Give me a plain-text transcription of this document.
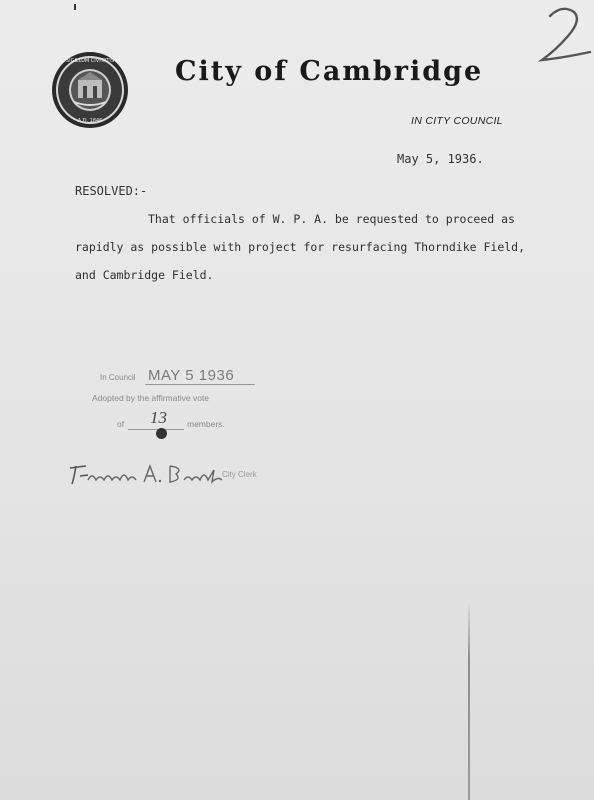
SIGILLUM CIVITATIS
A.D. 1846
City of Cambridge
IN CITY COUNCIL
2
May 5, 1936.
RESOLVED:-
That officials of W. P. A. be requested to proceed as
rapidly as possible with project for resurfacing Thorndike Field,
and Cambridge Field.
In Council MAY 5 1936
Adopted by the affirmative vote
of 13 members.
City Clerk
